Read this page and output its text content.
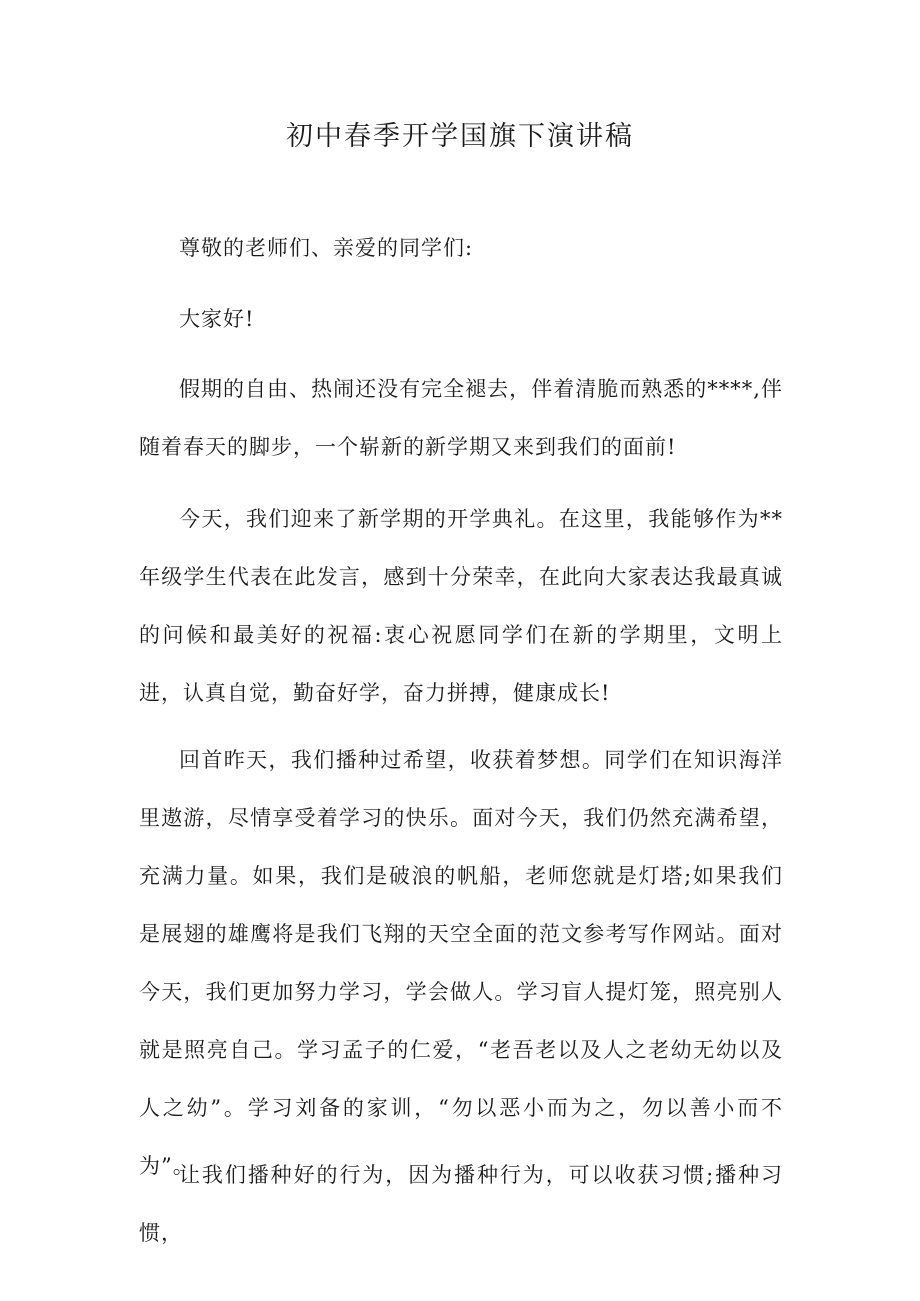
初中春季开学国旗下演讲稿

尊敬的老师们、亲爱的同学们:

大家好!

假期的自由、热闹还没有完全褪去，伴着清脆而熟悉的****,伴随着春天的脚步，一个崭新的新学期又来到我们的面前!

今天，我们迎来了新学期的开学典礼。在这里，我能够作为**年级学生代表在此发言，感到十分荣幸，在此向大家表达我最真诚的问候和最美好的祝福:衷心祝愿同学们在新的学期里，文明上进，认真自觉，勤奋好学，奋力拼搏，健康成长!

回首昨天，我们播种过希望，收获着梦想。同学们在知识海洋里遨游，尽情享受着学习的快乐。面对今天，我们仍然充满希望，充满力量。如果，我们是破浪的帆船，老师您就是灯塔;如果我们是展翅的雄鹰将是我们飞翔的天空全面的范文参考写作网站。面对今天，我们更加努力学习，学会做人。学习盲人提灯笼，照亮别人就是照亮自己。学习孟子的仁爱，“老吾老以及人之老幼无幼以及人之幼”。学习刘备的家训，“勿以恶小而为之，勿以善小而不为”。

让我们播种好的行为，因为播种行为，可以收获习惯;播种习惯，
